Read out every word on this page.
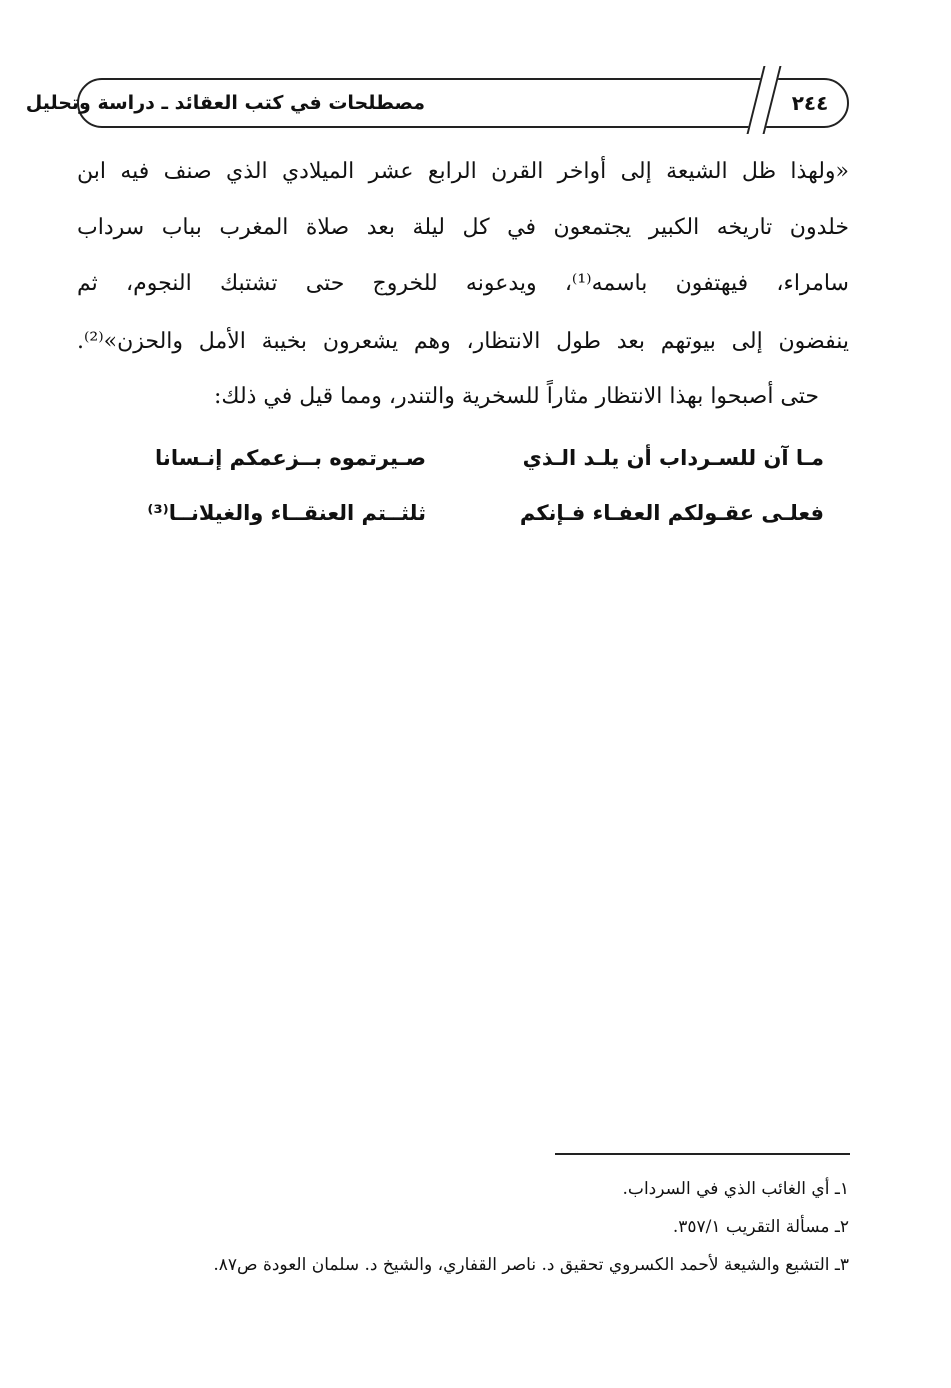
مصطلحات في كتب العقائد ـ دراسة وتحليل	٢٤٤
«ولهذا ظل الشيعة إلى أواخر القرن الرابع عشر الميلادي الذي صنف فيه ابن
خلدون تاريخه الكبير يجتمعون في كل ليلة بعد صلاة المغرب بباب سرداب
سامراء، فيهتفون باسمه⁽¹⁾، ويدعونه للخروج حتى تشتبك النجوم، ثم
ينفضون إلى بيوتهم بعد طول الانتظار، وهم يشعرون بخيبة الأمل والحزن»⁽²⁾.
حتى أصبحوا بهذا الانتظار مثاراً للسخرية والتندر، ومما قيل في ذلك:
مـا آن للسـرداب أن يلـد الـذي
صـيرتموه بــزعمكم إنـسانا
فعلـى عقـولكم العفـاء فـإنكم
ثلثــتم العنقــاء والغيلانــا⁽³⁾
١ـ أي الغائب الذي في السرداب.
٢ـ مسألة التقريب ٣٥٧/١.
٣ـ التشيع والشيعة لأحمد الكسروي تحقيق د. ناصر القفاري، والشيخ د. سلمان العودة ص٨٧.
